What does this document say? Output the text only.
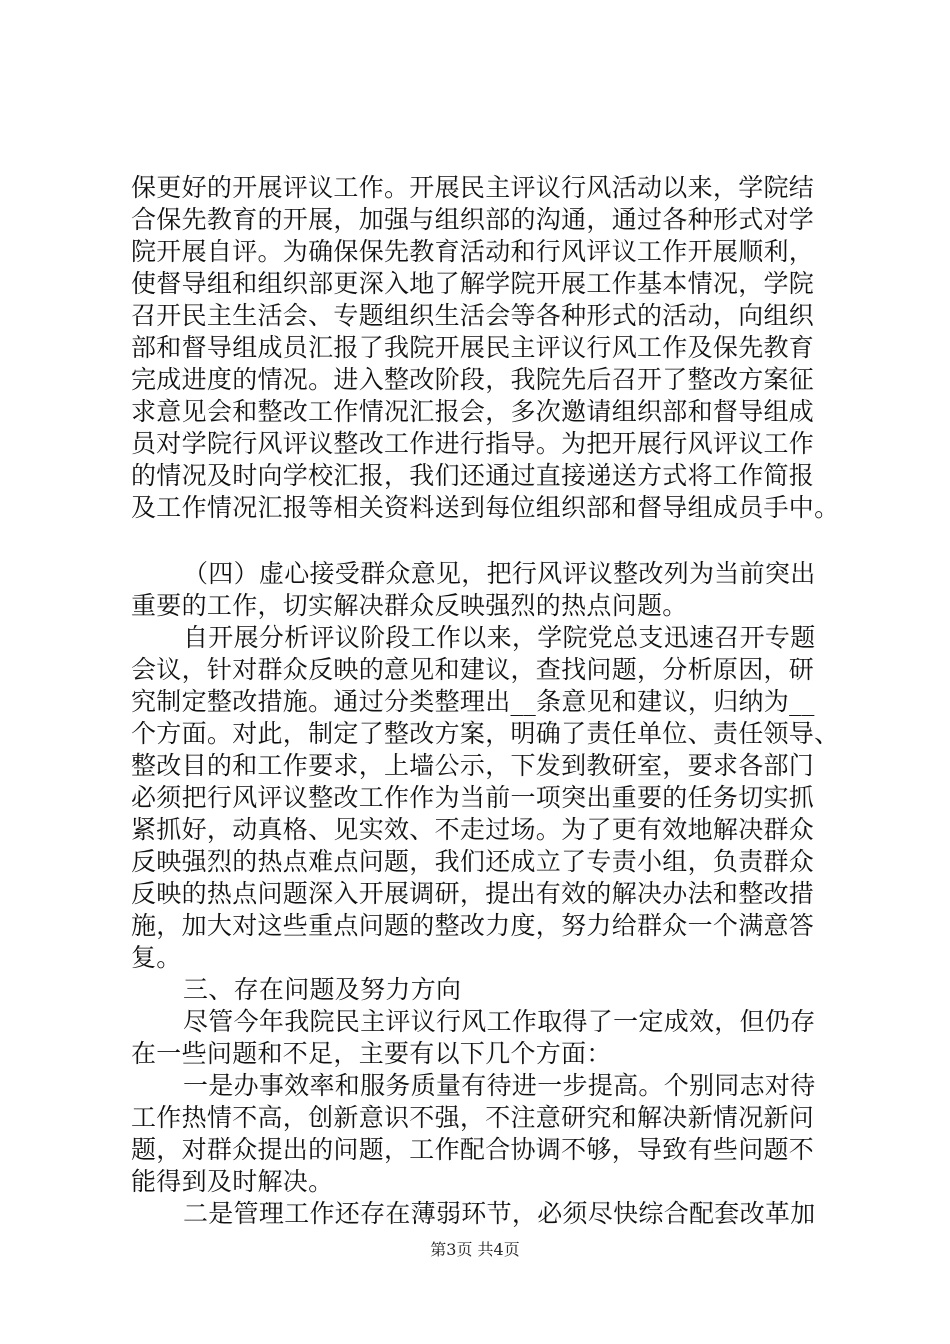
保更好的开展评议工作。开展民主评议行风活动以来，学院结
合保先教育的开展，加强与组织部的沟通，通过各种形式对学
院开展自评。为确保保先教育活动和行风评议工作开展顺利，
使督导组和组织部更深入地了解学院开展工作基本情况，学院
召开民主生活会、专题组织生活会等各种形式的活动，向组织
部和督导组成员汇报了我院开展民主评议行风工作及保先教育
完成进度的情况。进入整改阶段，我院先后召开了整改方案征
求意见会和整改工作情况汇报会，多次邀请组织部和督导组成
员对学院行风评议整改工作进行指导。为把开展行风评议工作
的情况及时向学校汇报，我们还通过直接递送方式将工作简报
及工作情况汇报等相关资料送到每位组织部和督导组成员手中。
（四）虚心接受群众意见，把行风评议整改列为当前突出
重要的工作，切实解决群众反映强烈的热点问题。
自开展分析评议阶段工作以来，学院党总支迅速召开专题
会议，针对群众反映的意见和建议，查找问题，分析原因，研
究制定整改措施。通过分类整理出__条意见和建议，归纳为__
个方面。对此，制定了整改方案，明确了责任单位、责任领导、
整改目的和工作要求，上墙公示，下发到教研室，要求各部门
必须把行风评议整改工作作为当前一项突出重要的任务切实抓
紧抓好，动真格、见实效、不走过场。为了更有效地解决群众
反映强烈的热点难点问题，我们还成立了专责小组，负责群众
反映的热点问题深入开展调研，提出有效的解决办法和整改措
施，加大对这些重点问题的整改力度，努力给群众一个满意答
复。
三、存在问题及努力方向
尽管今年我院民主评议行风工作取得了一定成效，但仍存
在一些问题和不足，主要有以下几个方面：
一是办事效率和服务质量有待进一步提高。个别同志对待
工作热情不高，创新意识不强，不注意研究和解决新情况新问
题，对群众提出的问题，工作配合协调不够，导致有些问题不
能得到及时解决。
二是管理工作还存在薄弱环节，必须尽快综合配套改革加
第3页 共4页
